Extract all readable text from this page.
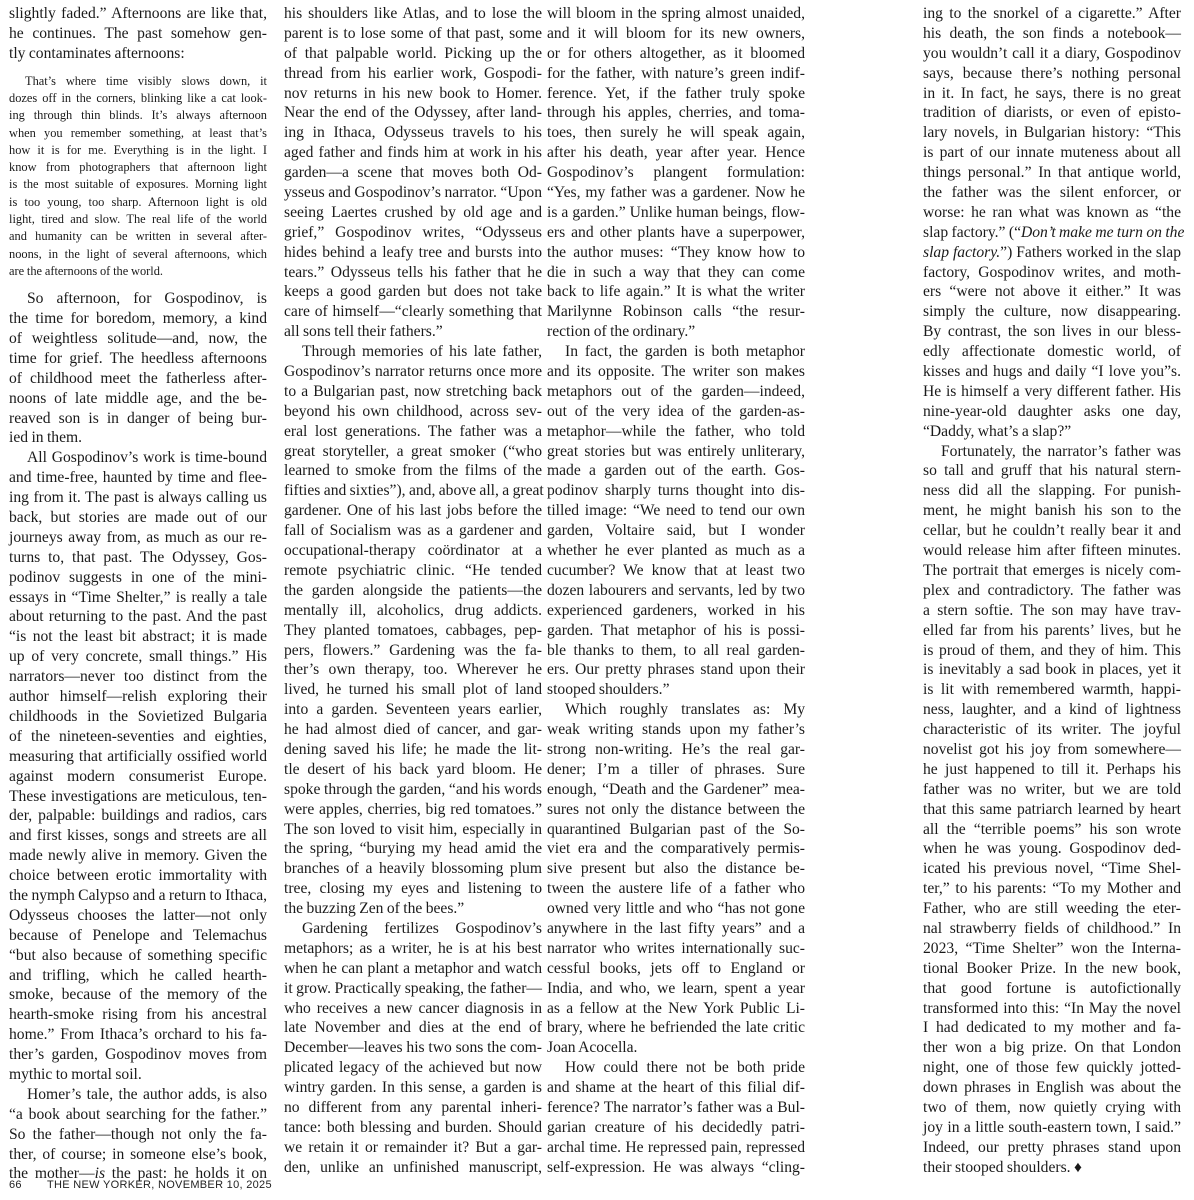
slightly faded.” Afternoons are like that,
he continues. The past somehow gen-
tly contaminates afternoons:
That’s where time visibly slows down, it
dozes off in the corners, blinking like a cat look-
ing through thin blinds. It’s always afternoon
when you remember something, at least that’s
how it is for me. Everything is in the light. I
know from photographers that afternoon light
is the most suitable of exposures. Morning light
is too young, too sharp. Afternoon light is old
light, tired and slow. The real life of the world
and humanity can be written in several after-
noons, in the light of several afternoons, which
are the afternoons of the world.
So afternoon, for Gospodinov, is
the time for boredom, memory, a kind
of weightless solitude—and, now, the
time for grief. The heedless afternoons
of childhood meet the fatherless after-
noons of late middle age, and the be-
reaved son is in danger of being bur-
ied in them.
All Gospodinov’s work is time-bound
and time-free, haunted by time and flee-
ing from it. The past is always calling us
back, but stories are made out of our
journeys away from, as much as our re-
turns to, that past. The Odyssey, Gos-
podinov suggests in one of the mini-
essays in “Time Shelter,” is really a tale
about returning to the past. And the past
“is not the least bit abstract; it is made
up of very concrete, small things.” His
narrators—never too distinct from the
author himself—relish exploring their
childhoods in the Sovietized Bulgaria
of the nineteen-seventies and eighties,
measuring that artificially ossified world
against modern consumerist Europe.
These investigations are meticulous, ten-
der, palpable: buildings and radios, cars
and first kisses, songs and streets are all
made newly alive in memory. Given the
choice between erotic immortality with
the nymph Calypso and a return to Ithaca,
Odysseus chooses the latter—not only
because of Penelope and Telemachus
“but also because of something specific
and trifling, which he called hearth-
smoke, because of the memory of the
hearth-smoke rising from his ancestral
home.” From Ithaca’s orchard to his fa-
ther’s garden, Gospodinov moves from
mythic to mortal soil.
Homer’s tale, the author adds, is also
“a book about searching for the father.”
So the father—though not only the fa-
ther, of course; in someone else’s book,
the mother—is the past: he holds it on
his shoulders like Atlas, and to lose the
parent is to lose some of that past, some
of that palpable world. Picking up the
thread from his earlier work, Gospodi-
nov returns in his new book to Homer.
Near the end of the Odyssey, after land-
ing in Ithaca, Odysseus travels to his
aged father and finds him at work in his
garden—a scene that moves both Od-
ysseus and Gospodinov’s narrator. “Upon
seeing Laertes crushed by old age and
grief,” Gospodinov writes, “Odysseus
hides behind a leafy tree and bursts into
tears.” Odysseus tells his father that he
keeps a good garden but does not take
care of himself—“clearly something that
all sons tell their fathers.”
Through memories of his late father,
Gospodinov’s narrator returns once more
to a Bulgarian past, now stretching back
beyond his own childhood, across sev-
eral lost generations. The father was a
great storyteller, a great smoker (“who
learned to smoke from the films of the
fifties and sixties”), and, above all, a great
gardener. One of his last jobs before the
fall of Socialism was as a gardener and
occupational-therapy coördinator at a
remote psychiatric clinic. “He tended
the garden alongside the patients—the
mentally ill, alcoholics, drug addicts.
They planted tomatoes, cabbages, pep-
pers, flowers.” Gardening was the fa-
ther’s own therapy, too. Wherever he
lived, he turned his small plot of land
into a garden. Seventeen years earlier,
he had almost died of cancer, and gar-
dening saved his life; he made the lit-
tle desert of his back yard bloom. He
spoke through the garden, “and his words
were apples, cherries, big red tomatoes.”
The son loved to visit him, especially in
the spring, “burying my head amid the
branches of a heavily blossoming plum
tree, closing my eyes and listening to
the buzzing Zen of the bees.”
Gardening fertilizes Gospodinov’s
metaphors; as a writer, he is at his best
when he can plant a metaphor and watch
it grow. Practically speaking, the father—
who receives a new cancer diagnosis in
late November and dies at the end of
December—leaves his two sons the com-
plicated legacy of the achieved but now
wintry garden. In this sense, a garden is
no different from any parental inheri-
tance: both blessing and burden. Should
we retain it or remainder it? But a gar-
den, unlike an unfinished manuscript,
will bloom in the spring almost unaided,
and it will bloom for its new owners,
or for others altogether, as it bloomed
for the father, with nature’s green indif-
ference. Yet, if the father truly spoke
through his apples, cherries, and toma-
toes, then surely he will speak again,
after his death, year after year. Hence
Gospodinov’s plangent formulation:
“Yes, my father was a gardener. Now he
is a garden.” Unlike human beings, flow-
ers and other plants have a superpower,
the author muses: “They know how to
die in such a way that they can come
back to life again.” It is what the writer
Marilynne Robinson calls “the resur-
rection of the ordinary.”
In fact, the garden is both metaphor
and its opposite. The writer son makes
metaphors out of the garden—indeed,
out of the very idea of the garden-as-
metaphor—while the father, who told
great stories but was entirely unliterary,
made a garden out of the earth. Gos-
podinov sharply turns thought into dis-
tilled image: “We need to tend our own
garden, Voltaire said, but I wonder
whether he ever planted as much as a
cucumber? We know that at least two
dozen labourers and servants, led by two
experienced gardeners, worked in his
garden. That metaphor of his is possi-
ble thanks to them, to all real garden-
ers. Our pretty phrases stand upon their
stooped shoulders.”
Which roughly translates as: My
weak writing stands upon my father’s
strong non-writing. He’s the real gar-
dener; I’m a tiller of phrases. Sure
enough, “Death and the Gardener” mea-
sures not only the distance between the
quarantined Bulgarian past of the So-
viet era and the comparatively permis-
sive present but also the distance be-
tween the austere life of a father who
owned very little and who “has not gone
anywhere in the last fifty years” and a
narrator who writes internationally suc-
cessful books, jets off to England or
India, and who, we learn, spent a year
as a fellow at the New York Public Li-
brary, where he befriended the late critic
Joan Acocella.
How could there not be both pride
and shame at the heart of this filial dif-
ference? The narrator’s father was a Bul-
garian creature of his decidedly patri-
archal time. He repressed pain, repressed
self-expression. He was always “cling-
ing to the snorkel of a cigarette.” After
his death, the son finds a notebook—
you wouldn’t call it a diary, Gospodinov
says, because there’s nothing personal
in it. In fact, he says, there is no great
tradition of diarists, or even of episto-
lary novels, in Bulgarian history: “This
is part of our innate muteness about all
things personal.” In that antique world,
the father was the silent enforcer, or
worse: he ran what was known as “the
slap factory.” (“Don’t make me turn on the
slap factory.”) Fathers worked in the slap
factory, Gospodinov writes, and moth-
ers “were not above it either.” It was
simply the culture, now disappearing.
By contrast, the son lives in our bless-
edly affectionate domestic world, of
kisses and hugs and daily “I love you”s.
He is himself a very different father. His
nine-year-old daughter asks one day,
“Daddy, what’s a slap?”
Fortunately, the narrator’s father was
so tall and gruff that his natural stern-
ness did all the slapping. For punish-
ment, he might banish his son to the
cellar, but he couldn’t really bear it and
would release him after fifteen minutes.
The portrait that emerges is nicely com-
plex and contradictory. The father was
a stern softie. The son may have trav-
elled far from his parents’ lives, but he
is proud of them, and they of him. This
is inevitably a sad book in places, yet it
is lit with remembered warmth, happi-
ness, laughter, and a kind of lightness
characteristic of its writer. The joyful
novelist got his joy from somewhere—
he just happened to till it. Perhaps his
father was no writer, but we are told
that this same patriarch learned by heart
all the “terrible poems” his son wrote
when he was young. Gospodinov ded-
icated his previous novel, “Time Shel-
ter,” to his parents: “To my Mother and
Father, who are still weeding the eter-
nal strawberry fields of childhood.” In
2023, “Time Shelter” won the Interna-
tional Booker Prize. In the new book,
that good fortune is autofictionally
transformed into this: “In May the novel
I had dedicated to my mother and fa-
ther won a big prize. On that London
night, one of those few quickly jotted-
down phrases in English was about the
two of them, now quietly crying with
joy in a little south-eastern town, I said.”
Indeed, our pretty phrases stand upon
their stooped shoulders. ♦
66 THE NEW YORKER, NOVEMBER 10, 2025
